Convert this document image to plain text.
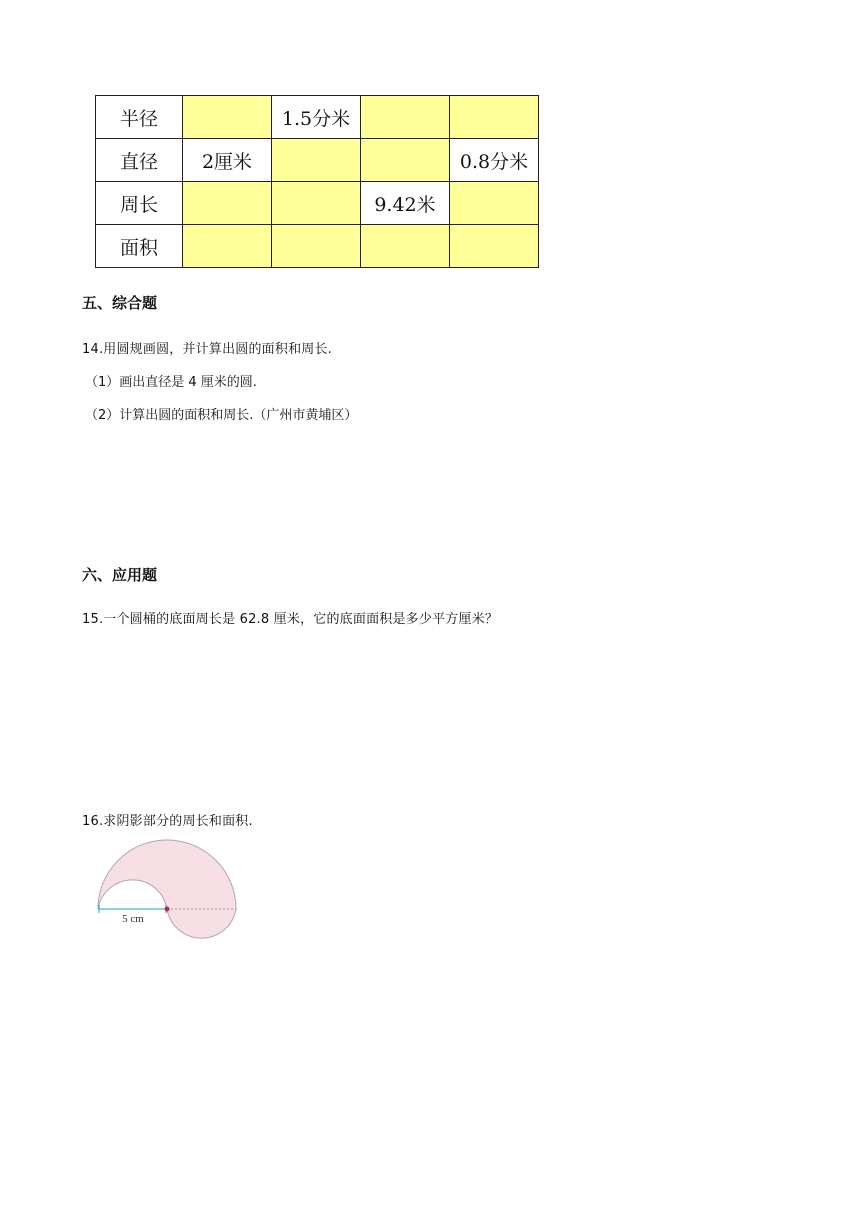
半径		1.5分米		
直径	2厘米			0.8分米
周长			9.42米	
面积				
五、综合题
14.用圆规画圆，并计算出圆的面积和周长.
（1）画出直径是 4 厘米的圆.
（2）计算出圆的面积和周长.（广州市黄埔区）
六、应用题
15.一个圆桶的底面周长是 62.8 厘米，它的底面面积是多少平方厘米？
16.求阴影部分的周长和面积.
5 cm
